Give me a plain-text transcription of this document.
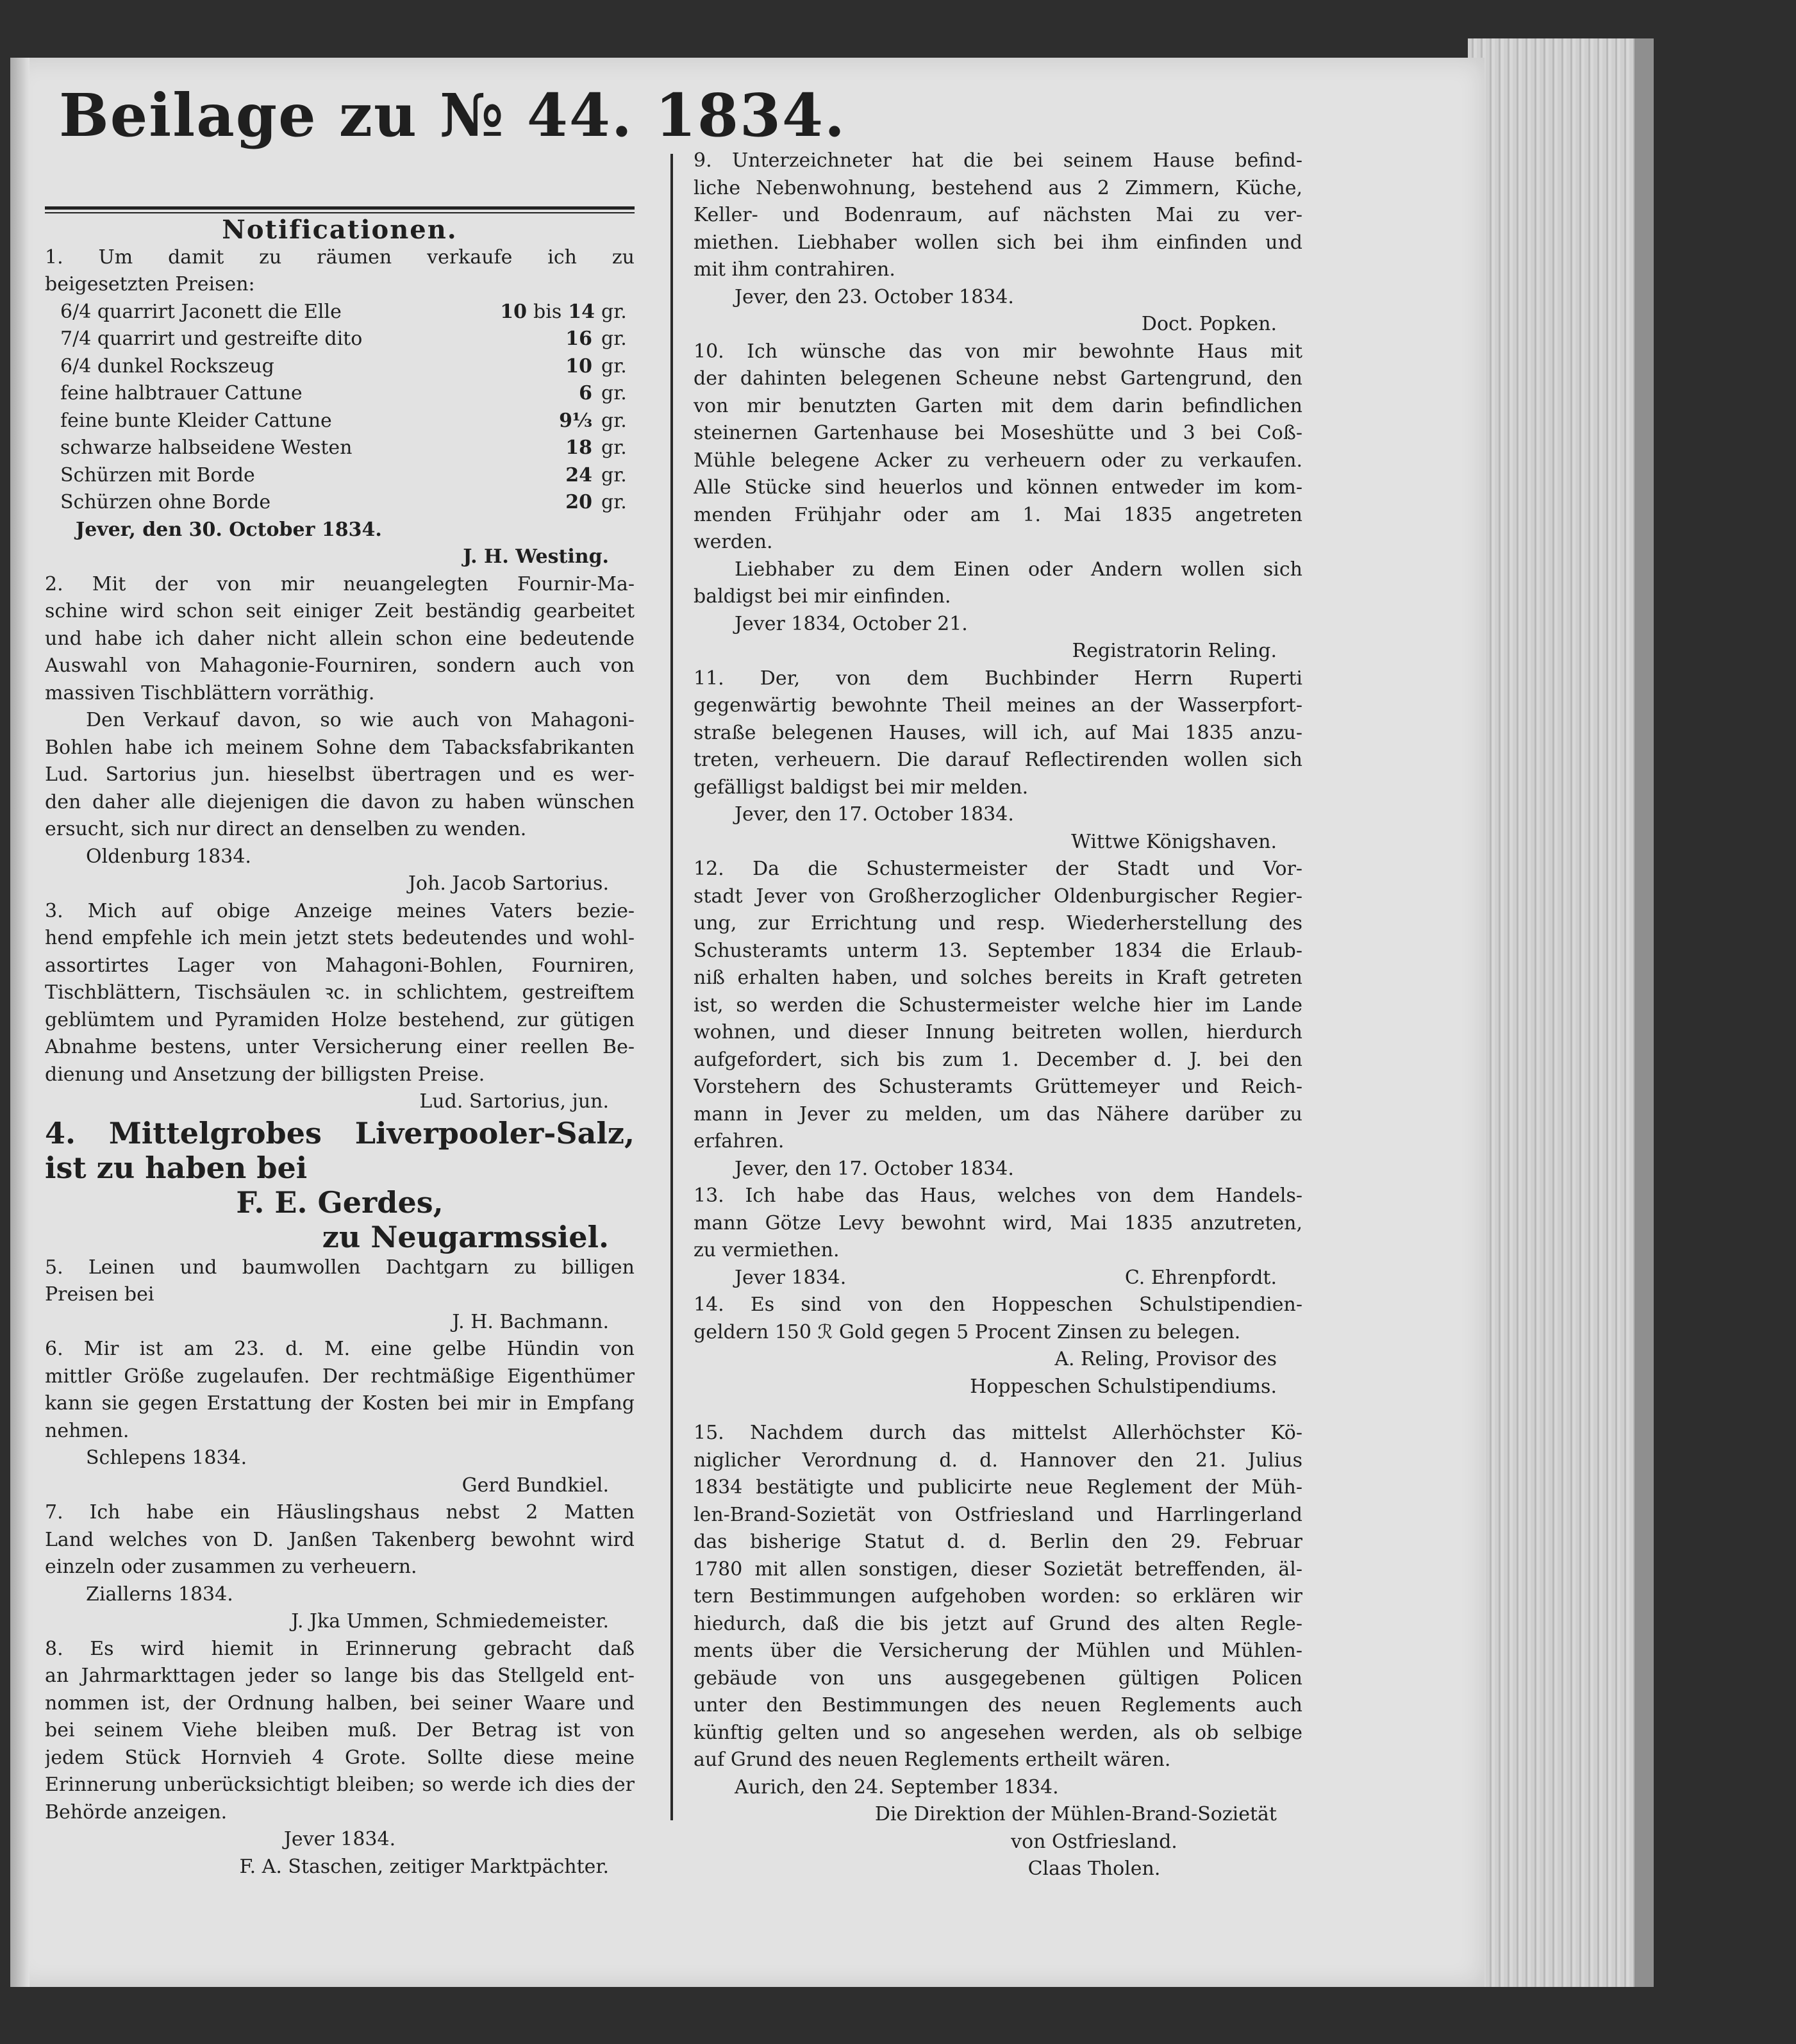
Beilage zu № 44. 1834.
Notificationen.
1. Um damit zu räumen verkaufe ich zu
beigesetzten Preisen:
6/4 quarrirt Jaconett die Elle	10 bis 14 gr.
7/4 quarrirt und gestreifte dito	16 gr.
6/4 dunkel Rockszeug	10 gr.
feine halbtrauer Cattune	6 gr.
feine bunte Kleider Cattune	9⅓ gr.
schwarze halbseidene Westen	18 gr.
Schürzen mit Borde	24 gr.
Schürzen ohne Borde	20 gr.
Jever, den 30. October 1834.
J. H. Westing.
2. Mit der von mir neuangelegten Fournir-Ma-
schine wird schon seit einiger Zeit beständig gearbeitet
und habe ich daher nicht allein schon eine bedeutende
Auswahl von Mahagonie-Fourniren, sondern auch von
massiven Tischblättern vorräthig.
Den Verkauf davon, so wie auch von Mahagoni-
Bohlen habe ich meinem Sohne dem Tabacksfabrikanten
Lud. Sartorius jun. hieselbst übertragen und es wer-
den daher alle diejenigen die davon zu haben wünschen
ersucht, sich nur direct an denselben zu wenden.
Oldenburg 1834.
Joh. Jacob Sartorius.
3. Mich auf obige Anzeige meines Vaters bezie-
hend empfehle ich mein jetzt stets bedeutendes und wohl-
assortirtes Lager von Mahagoni-Bohlen, Fourniren,
Tischblättern, Tischsäulen ꝛc. in schlichtem, gestreiftem
geblümtem und Pyramiden Holze bestehend, zur gütigen
Abnahme bestens, unter Versicherung einer reellen Be-
dienung und Ansetzung der billigsten Preise.
Lud. Sartorius, jun.
4. Mittelgrobes Liverpooler-Salz,
ist zu haben bei
F. E. Gerdes,
zu Neugarmssiel.
5. Leinen und baumwollen Dachtgarn zu billigen
Preisen bei
J. H. Bachmann.
6. Mir ist am 23. d. M. eine gelbe Hündin von
mittler Größe zugelaufen. Der rechtmäßige Eigenthümer
kann sie gegen Erstattung der Kosten bei mir in Empfang
nehmen.
Schlepens 1834.
Gerd Bundkiel.
7. Ich habe ein Häuslingshaus nebst 2 Matten
Land welches von D. Janßen Takenberg bewohnt wird
einzeln oder zusammen zu verheuern.
Ziallerns 1834.
J. Jka Ummen, Schmiedemeister.
8. Es wird hiemit in Erinnerung gebracht daß
an Jahrmarkttagen jeder so lange bis das Stellgeld ent-
nommen ist, der Ordnung halben, bei seiner Waare und
bei seinem Viehe bleiben muß. Der Betrag ist von
jedem Stück Hornvieh 4 Grote. Sollte diese meine
Erinnerung unberücksichtigt bleiben; so werde ich dies der
Behörde anzeigen.
Jever 1834.
F. A. Staschen, zeitiger Marktpächter.
9. Unterzeichneter hat die bei seinem Hause befind-
liche Nebenwohnung, bestehend aus 2 Zimmern, Küche,
Keller- und Bodenraum, auf nächsten Mai zu ver-
miethen. Liebhaber wollen sich bei ihm einfinden und
mit ihm contrahiren.
Jever, den 23. October 1834.
Doct. Popken.
10. Ich wünsche das von mir bewohnte Haus mit
der dahinten belegenen Scheune nebst Gartengrund, den
von mir benutzten Garten mit dem darin befindlichen
steinernen Gartenhause bei Moseshütte und 3 bei Coß-
Mühle belegene Acker zu verheuern oder zu verkaufen.
Alle Stücke sind heuerlos und können entweder im kom-
menden Frühjahr oder am 1. Mai 1835 angetreten
werden.
Liebhaber zu dem Einen oder Andern wollen sich
baldigst bei mir einfinden.
Jever 1834, October 21.
Registratorin Reling.
11. Der, von dem Buchbinder Herrn Ruperti
gegenwärtig bewohnte Theil meines an der Wasserpfort-
straße belegenen Hauses, will ich, auf Mai 1835 anzu-
treten, verheuern. Die darauf Reflectirenden wollen sich
gefälligst baldigst bei mir melden.
Jever, den 17. October 1834.
Wittwe Königshaven.
12. Da die Schustermeister der Stadt und Vor-
stadt Jever von Großherzoglicher Oldenburgischer Regier-
ung, zur Errichtung und resp. Wiederherstellung des
Schusteramts unterm 13. September 1834 die Erlaub-
niß erhalten haben, und solches bereits in Kraft getreten
ist, so werden die Schustermeister welche hier im Lande
wohnen, und dieser Innung beitreten wollen, hierdurch
aufgefordert, sich bis zum 1. December d. J. bei den
Vorstehern des Schusteramts Grüttemeyer und Reich-
mann in Jever zu melden, um das Nähere darüber zu
erfahren.
Jever, den 17. October 1834.
13. Ich habe das Haus, welches von dem Handels-
mann Götze Levy bewohnt wird, Mai 1835 anzutreten,
zu vermiethen.
Jever 1834.	C. Ehrenpfordt.
14. Es sind von den Hoppeschen Schulstipendien-
geldern 150 ℛ Gold gegen 5 Procent Zinsen zu belegen.
A. Reling, Provisor des
Hoppeschen Schulstipendiums.
15. Nachdem durch das mittelst Allerhöchster Kö-
niglicher Verordnung d. d. Hannover den 21. Julius
1834 bestätigte und publicirte neue Reglement der Müh-
len-Brand-Sozietät von Ostfriesland und Harrlingerland
das bisherige Statut d. d. Berlin den 29. Februar
1780 mit allen sonstigen, dieser Sozietät betreffenden, äl-
tern Bestimmungen aufgehoben worden: so erklären wir
hiedurch, daß die bis jetzt auf Grund des alten Regle-
ments über die Versicherung der Mühlen und Mühlen-
gebäude von uns ausgegebenen gültigen Policen
unter den Bestimmungen des neuen Reglements auch
künftig gelten und so angesehen werden, als ob selbige
auf Grund des neuen Reglements ertheilt wären.
Aurich, den 24. September 1834.
Die Direktion der Mühlen-Brand-Sozietät
von Ostfriesland.
Claas Tholen.
